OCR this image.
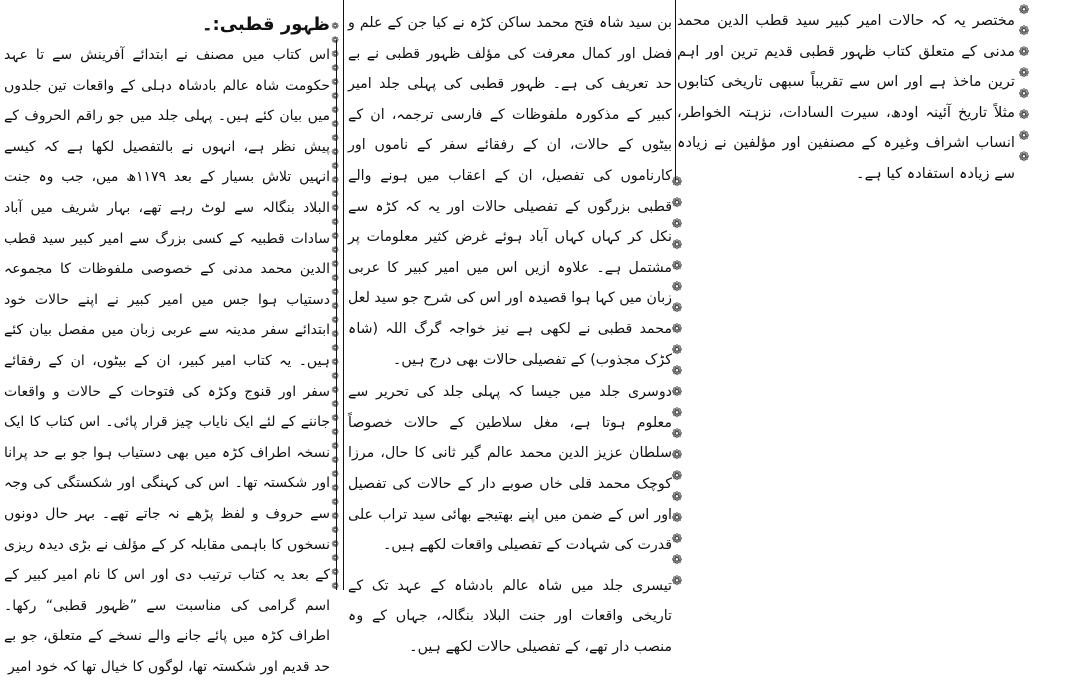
❁
❁
❁
❁
❁
❁
❁
❁
❁
❁
❁
❁
❁
❁
❁
❁
❁
❁
❁
❁
❁
❁
❁
❁
❁
❁
❁
❁
❁
❁
❁
❁
❁
❁
❁
❁
❁
❁
❁
❁
❁
❁
❁
❁
❁
❁
❁
❁
❁
❁
❁
❁
❁
❁
❁
❁
❁
❁
❁
❁
❁
❁
❁
❁
❁
❁
❁
❁
❁

مختصر یہ کہ حالات امیر کبیر سید قطب الدین محمد مدنی کے متعلق کتاب ظہور قطبی قدیم ترین اور اہم ترین ماخذ ہے اور اس سے تقریباً سبھی تاریخی کتابوں مثلاً تاریخ آئینہ اودھ، سیرت السادات، نزہتہ الخواطر، انساب اشراف وغیرہ کے مصنفین اور مؤلفین نے زیادہ سے زیادہ استفادہ کیا ہے۔

بن سید شاہ فتح محمد ساکن کڑہ نے کیا جن کے علم و فضل اور کمال معرفت کی مؤلف ظہور قطبی نے بے حد تعریف کی ہے۔ ظہور قطبی کی پہلی جلد امیر کبیر کے مذکورہ ملفوظات کے فارسی ترجمہ، ان کے بیٹوں کے حالات، ان کے رفقائے سفر کے ناموں اور کارناموں کی تفصیل، ان کے اعقاب میں ہونے والے قطبی بزرگوں کے تفصیلی حالات اور یہ کہ کڑہ سے نکل کر کہاں کہاں آباد ہوئے غرض کثیر معلومات پر مشتمل ہے۔ علاوہ ازیں اس میں امیر کبیر کا عربی زبان میں کہا ہوا قصیدہ اور اس کی شرح جو سید لعل محمد قطبی نے لکھی ہے نیز خواجہ گرگ اللہ (شاہ کڑک مجذوب) کے تفصیلی حالات بھی درج ہیں۔

دوسری جلد میں جیسا کہ پہلی جلد کی تحریر سے معلوم ہوتا ہے، مغل سلاطین کے حالات خصوصاً سلطان عزیز الدین محمد عالم گیر ثانی کا حال، مرزا کوچک محمد قلی خاں صوبے دار کے حالات کی تفصیل اور اس کے ضمن میں اپنے بھتیجے بھائی سید تراب علی قدرت کی شہادت کے تفصیلی واقعات لکھے ہیں۔

تیسری جلد میں شاہ عالم بادشاہ کے عہد تک کے تاریخی واقعات اور جنت البلاد بنگالہ، جہاں کے وہ منصب دار تھے، کے تفصیلی حالات لکھے ہیں۔

ظہور قطبی:۔

اس کتاب میں مصنف نے ابتدائے آفرینش سے تا عہد حکومت شاہ عالم بادشاہ دہلی کے واقعات تین جلدوں میں بیان کئے ہیں۔ پہلی جلد میں جو راقم الحروف کے پیش نظر ہے، انہوں نے بالتفصیل لکھا ہے کہ کیسے انہیں تلاش بسیار کے بعد ۱۱۷۹ھ میں، جب وہ جنت البلاد بنگالہ سے لوٹ رہے تھے، بہار شریف میں آباد سادات قطبیہ کے کسی بزرگ سے امیر کبیر سید قطب الدین محمد مدنی کے خصوصی ملفوظات کا مجموعہ دستیاب ہوا جس میں امیر کبیر نے اپنے حالات خود ابتدائے سفر مدینہ سے عربی زبان میں مفصل بیان کئے ہیں۔ یہ کتاب امیر کبیر، ان کے بیٹوں، ان کے رفقائے سفر اور قنوج وکڑہ کی فتوحات کے حالات و واقعات جاننے کے لئے ایک نایاب چیز قرار پائی۔ اس کتاب کا ایک نسخہ اطراف کڑہ میں بھی دستیاب ہوا جو بے حد پرانا اور شکستہ تھا۔ اس کی کہنگی اور شکستگی کی وجہ سے حروف و لفظ پڑھے نہ جاتے تھے۔ بہر حال دونوں نسخوں کا باہمی مقابلہ کر کے مؤلف نے بڑی دیدہ ریزی کے بعد یہ کتاب ترتیب دی اور اس کا نام امیر کبیر کے اسم گرامی کی مناسبت سے ”ظہور قطبی“ رکھا۔ اطراف کڑہ میں پائے جانے والے نسخے کے متعلق، جو بے حد قدیم اور شکستہ تھا، لوگوں کا خیال تھا کہ خود امیر
